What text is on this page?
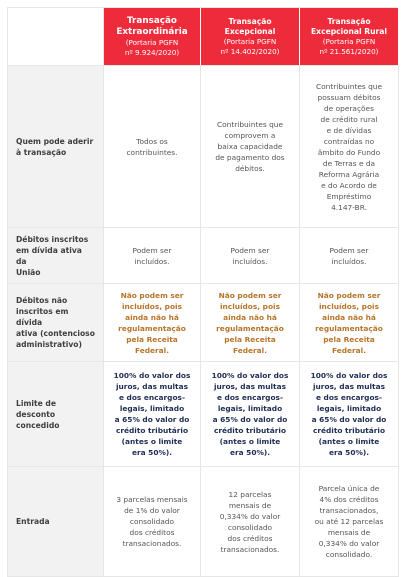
Transação
Extraordinária
(Portaria PGFN
nº 9.924/2020)
Transação
Excepcional
(Portaria PGFN
nº 14.402/2020)
Transação
Excepcional Rural
(Portaria PGFN
nº 21.561/2020)
Quem pode aderir
à transação
Todos os
contribuintes.
Contribuintes que
comprovem a
baixa capacidade
de pagamento dos
débitos.
Contribuintes que
possuam débitos
de operações
de crédito rural
e de dívidas
contraídas no
âmbito do Fundo
de Terras e da
Reforma Agrária
e do Acordo de
Empréstimo
4.147-BR.
Débitos inscritos
em dívida ativa da
União
Podem ser
incluídos.
Podem ser
incluídos.
Podem ser
incluídos.
Débitos não
inscritos em dívida
ativa (contencioso
administrativo)
Não podem ser
incluídos, pois
ainda não há
regulamentação
pela Receita
Federal.
Não podem ser
incluídos, pois
ainda não há
regulamentação
pela Receita
Federal.
Não podem ser
incluídos, pois
ainda não há
regulamentação
pela Receita
Federal.
Limite de
desconto
concedido
100% do valor dos
juros, das multas
e dos encargos-
legais, limitado
a 65% do valor do
crédito tributário
(antes o limite
era 50%).
100% do valor dos
juros, das multas
e dos encargos-
legais, limitado
a 65% do valor do
crédito tributário
(antes o limite
era 50%).
100% do valor dos
juros, das multas
e dos encargos-
legais, limitado
a 65% do valor do
crédito tributário
(antes o limite
era 50%).
Entrada
3 parcelas mensais
de 1% do valor
consolidado
dos créditos
transacionados.
12 parcelas
mensais de
0,334% do valor
consolidado
dos créditos
transacionados.
Parcela única de
4% dos créditos
transacionados,
ou até 12 parcelas
mensais de
0,334% do valor
consolidado.
